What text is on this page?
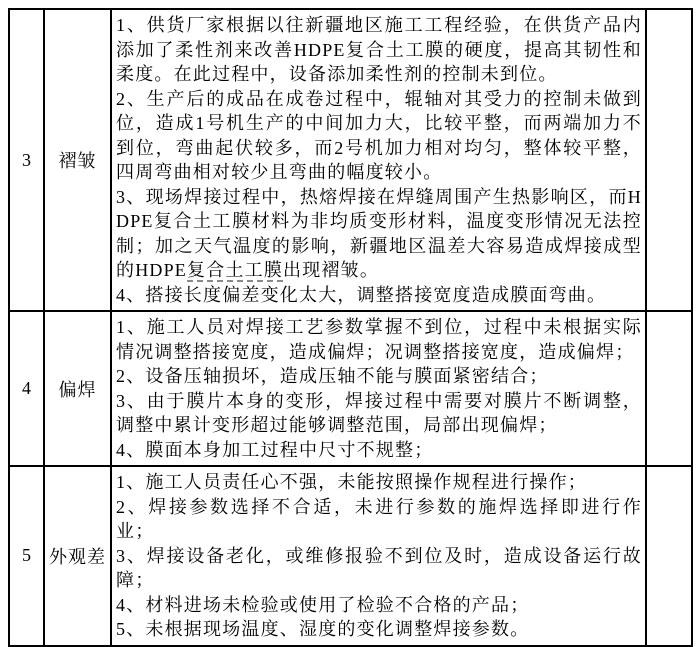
3	褶皱	1、供货厂家根据以往新疆地区施工工程经验，在供货产品内添加了柔性剂来改善HDPE复合土工膜的硬度，提高其韧性和柔度。在此过程中，设备添加柔性剂的控制未到位。

2、生产后的成品在成卷过程中，辊轴对其受力的控制未做到位，造成1号机生产的中间加力大，比较平整，而两端加力不到位，弯曲起伏较多，而2号机加力相对均匀，整体较平整，四周弯曲相对较少且弯曲的幅度较小。

3、现场焊接过程中，热熔焊接在焊缝周围产生热影响区，而HDPE复合土工膜材料为非均质变形材料，温度变形情况无法控制；加之天气温度的影响，新疆地区温差大容易造成焊接成型的HDPE复合土工膜出现褶皱。

4、搭接长度偏差变化太大，调整搭接宽度造成膜面弯曲。	

4	偏焊	1、施工人员对焊接工艺参数掌握不到位，过程中未根据实际情况调整搭接宽度，造成偏焊；况调整搭接宽度，造成偏焊；

2、设备压轴损坏，造成压轴不能与膜面紧密结合；

3、由于膜片本身的变形，焊接过程中需要对膜片不断调整，调整中累计变形超过能够调整范围，局部出现偏焊；

4、膜面本身加工过程中尺寸不规整；	

5	外观差	1、施工人员责任心不强，未能按照操作规程进行操作；

2、焊接参数选择不合适，未进行参数的施焊选择即进行作业；

3、焊接设备老化，或维修报验不到位及时，造成设备运行故障；

4、材料进场未检验或使用了检验不合格的产品；

5、未根据现场温度、湿度的变化调整焊接参数。	
